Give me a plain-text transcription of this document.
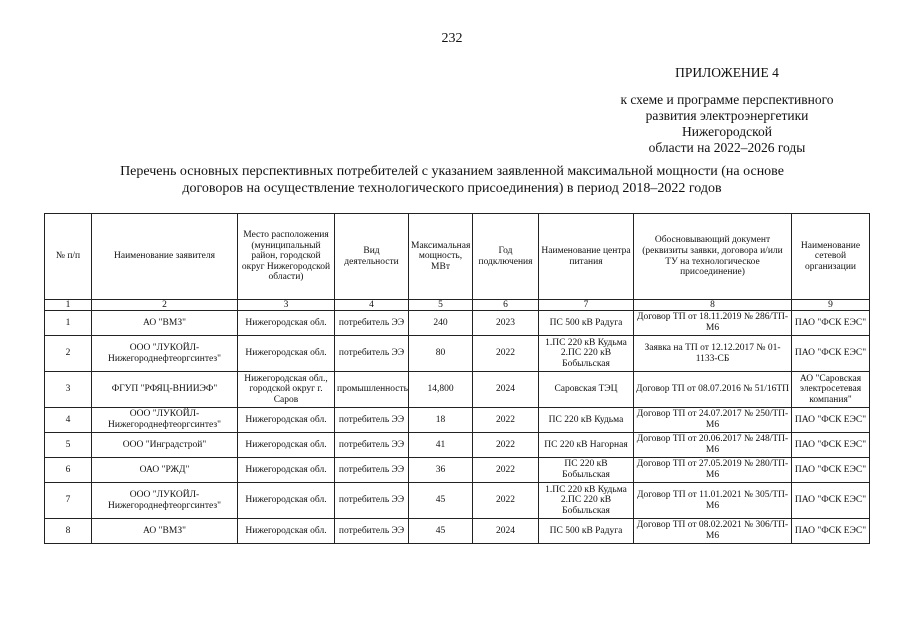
232
ПРИЛОЖЕНИЕ 4
к схеме и программе перспективного
развития электроэнергетики Нижегородской
области на 2022–2026 годы
Перечень основных перспективных потребителей с указанием заявленной максимальной мощности (на основе
договоров на осуществление технологического присоединения) в период 2018–2022 годов
№ п/п	Наименование заявителя	Место расположения (муниципальный район, городской округ Нижегородской области)	Вид деятельности	Максимальная мощность, МВт	Год подключения	Наименование центра питания	Обосновывающий документ (реквизиты заявки, договора и/или ТУ на технологическое присоединение)	Наименование сетевой организации
1	2	3	4	5	6	7	8	9
1	АО "ВМЗ"	Нижегородская обл.	потребитель ЭЭ	240	2023	ПС 500 кВ Радуга	Договор ТП от 18.11.2019 № 286/ТП-М6	ПАО "ФСК ЕЭС"
2	ООО "ЛУКОЙЛ-Нижегороднефтеоргсинтез"	Нижегородская обл.	потребитель ЭЭ	80	2022	1.ПС 220 кВ Кудьма 2.ПС 220 кВ Бобыльская	Заявка на ТП от 12.12.2017 № 01-1133-СБ	ПАО "ФСК ЕЭС"
3	ФГУП "РФЯЦ-ВНИИЭФ"	Нижегородская обл., городской округ г. Саров	промышленность	14,800	2024	Саровская ТЭЦ	Договор ТП от 08.07.2016 № 51/16ТП	АО "Саровская электросетевая компания"
4	ООО "ЛУКОЙЛ-Нижегороднефтеоргсинтез"	Нижегородская обл.	потребитель ЭЭ	18	2022	ПС 220 кВ Кудьма	Договор ТП от 24.07.2017 № 250/ТП-М6	ПАО "ФСК ЕЭС"
5	ООО "Инградстрой"	Нижегородская обл.	потребитель ЭЭ	41	2022	ПС 220 кВ Нагорная	Договор ТП от 20.06.2017 № 248/ТП-М6	ПАО "ФСК ЕЭС"
6	ОАО "РЖД"	Нижегородская обл.	потребитель ЭЭ	36	2022	ПС 220 кВ Бобыльская	Договор ТП от 27.05.2019 № 280/ТП-М6	ПАО "ФСК ЕЭС"
7	ООО "ЛУКОЙЛ-Нижегороднефтеоргсинтез"	Нижегородская обл.	потребитель ЭЭ	45	2022	1.ПС 220 кВ Кудьма 2.ПС 220 кВ Бобыльская	Договор ТП от 11.01.2021 № 305/ТП-М6	ПАО "ФСК ЕЭС"
8	АО "ВМЗ"	Нижегородская обл.	потребитель ЭЭ	45	2024	ПС 500 кВ Радуга	Договор ТП от 08.02.2021 № 306/ТП-М6	ПАО "ФСК ЕЭС"
